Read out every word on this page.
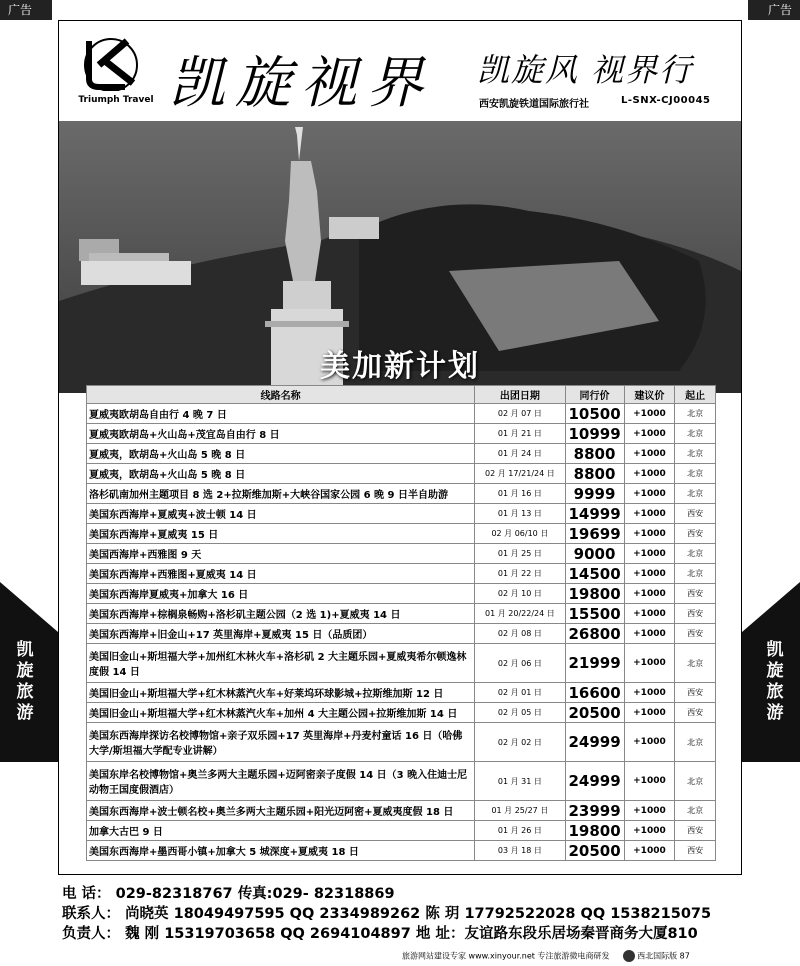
广告	广告
Triumph Travel 凯旋视界 凯旋风 视界行
西安凯旋铁道国际旅行社	L-SNX-CJ00045
美加新计划
线路名称	出团日期	同行价	建议价	起止
夏威夷欧胡岛自由行 4 晚 7 日	02 月 07 日	10500	+1000	北京
夏威夷欧胡岛+火山岛+茂宜岛自由行 8 日	01 月 21 日	10999	+1000	北京
夏威夷，欧胡岛+火山岛 5 晚 8 日	01 月 24 日	8800	+1000	北京
夏威夷，欧胡岛+火山岛 5 晚 8 日	02 月 17/21/24 日	8800	+1000	北京
洛杉矶南加州主题项目 8 选 2+拉斯维加斯+大峡谷国家公园 6 晚 9 日半自助游	01 月 16 日	9999	+1000	北京
美国东西海岸+夏威夷+波士顿 14 日	01 月 13 日	14999	+1000	西安
美国东西海岸+夏威夷 15 日	02 月 06/10 日	19699	+1000	西安
美国西海岸+西雅图 9 天	01 月 25 日	9000	+1000	北京
美国东西海岸+西雅图+夏威夷 14 日	01 月 22 日	14500	+1000	北京
美国东西海岸夏威夷+加拿大 16 日	02 月 10 日	19800	+1000	西安
美国东西海岸+棕榈泉畅购+洛杉矶主题公园（2 选 1)+夏威夷 14 日	01 月 20/22/24 日	15500	+1000	西安
美国东西海岸+旧金山+17 英里海岸+夏威夷 15 日（品质团）	02 月 08 日	26800	+1000	西安
美国旧金山+斯坦福大学+加州红木林火车+洛杉矶 2 大主题乐园+夏威夷希尔顿逸林度假 14 日	02 月 06 日	21999	+1000	北京
美国旧金山+斯坦福大学+红木林蒸汽火车+好莱坞环球影城+拉斯维加斯 12 日	02 月 01 日	16600	+1000	西安
美国旧金山+斯坦福大学+红木林蒸汽火车+加州 4 大主题公园+拉斯维加斯 14 日	02 月 05 日	20500	+1000	西安
美国东西海岸探访名校博物馆+亲子双乐园+17 英里海岸+丹麦村童话 16 日（哈佛大学/斯坦福大学配专业讲解）	02 月 02 日	24999	+1000	北京
美国东岸名校博物馆+奥兰多两大主题乐园+迈阿密亲子度假 14 日（3 晚入住迪士尼动物王国度假酒店）	01 月 31 日	24999	+1000	北京
美国东西海岸+波士顿名校+奥兰多两大主题乐园+阳光迈阿密+夏威夷度假 18 日	01 月 25/27 日	23999	+1000	北京
加拿大古巴 9 日	01 月 26 日	19800	+1000	西安
美国东西海岸+墨西哥小镇+加拿大 5 城深度+夏威夷 18 日	03 月 18 日	20500	+1000	西安
凯
旋
旅
游
凯
旋
旅
游
电 话： 029-82318767 传真:029- 82318869
联系人： 尚晓英 18049497595 QQ 2334989262 陈 玥 17792522028 QQ 1538215075
负责人： 魏 刚 15319703658 QQ 2694104897 地 址：友谊路东段乐居场秦晋商务大厦810
旅游网站建设专家 www.xinyour.net 专注旅游微电商研发	西北国际版 87
